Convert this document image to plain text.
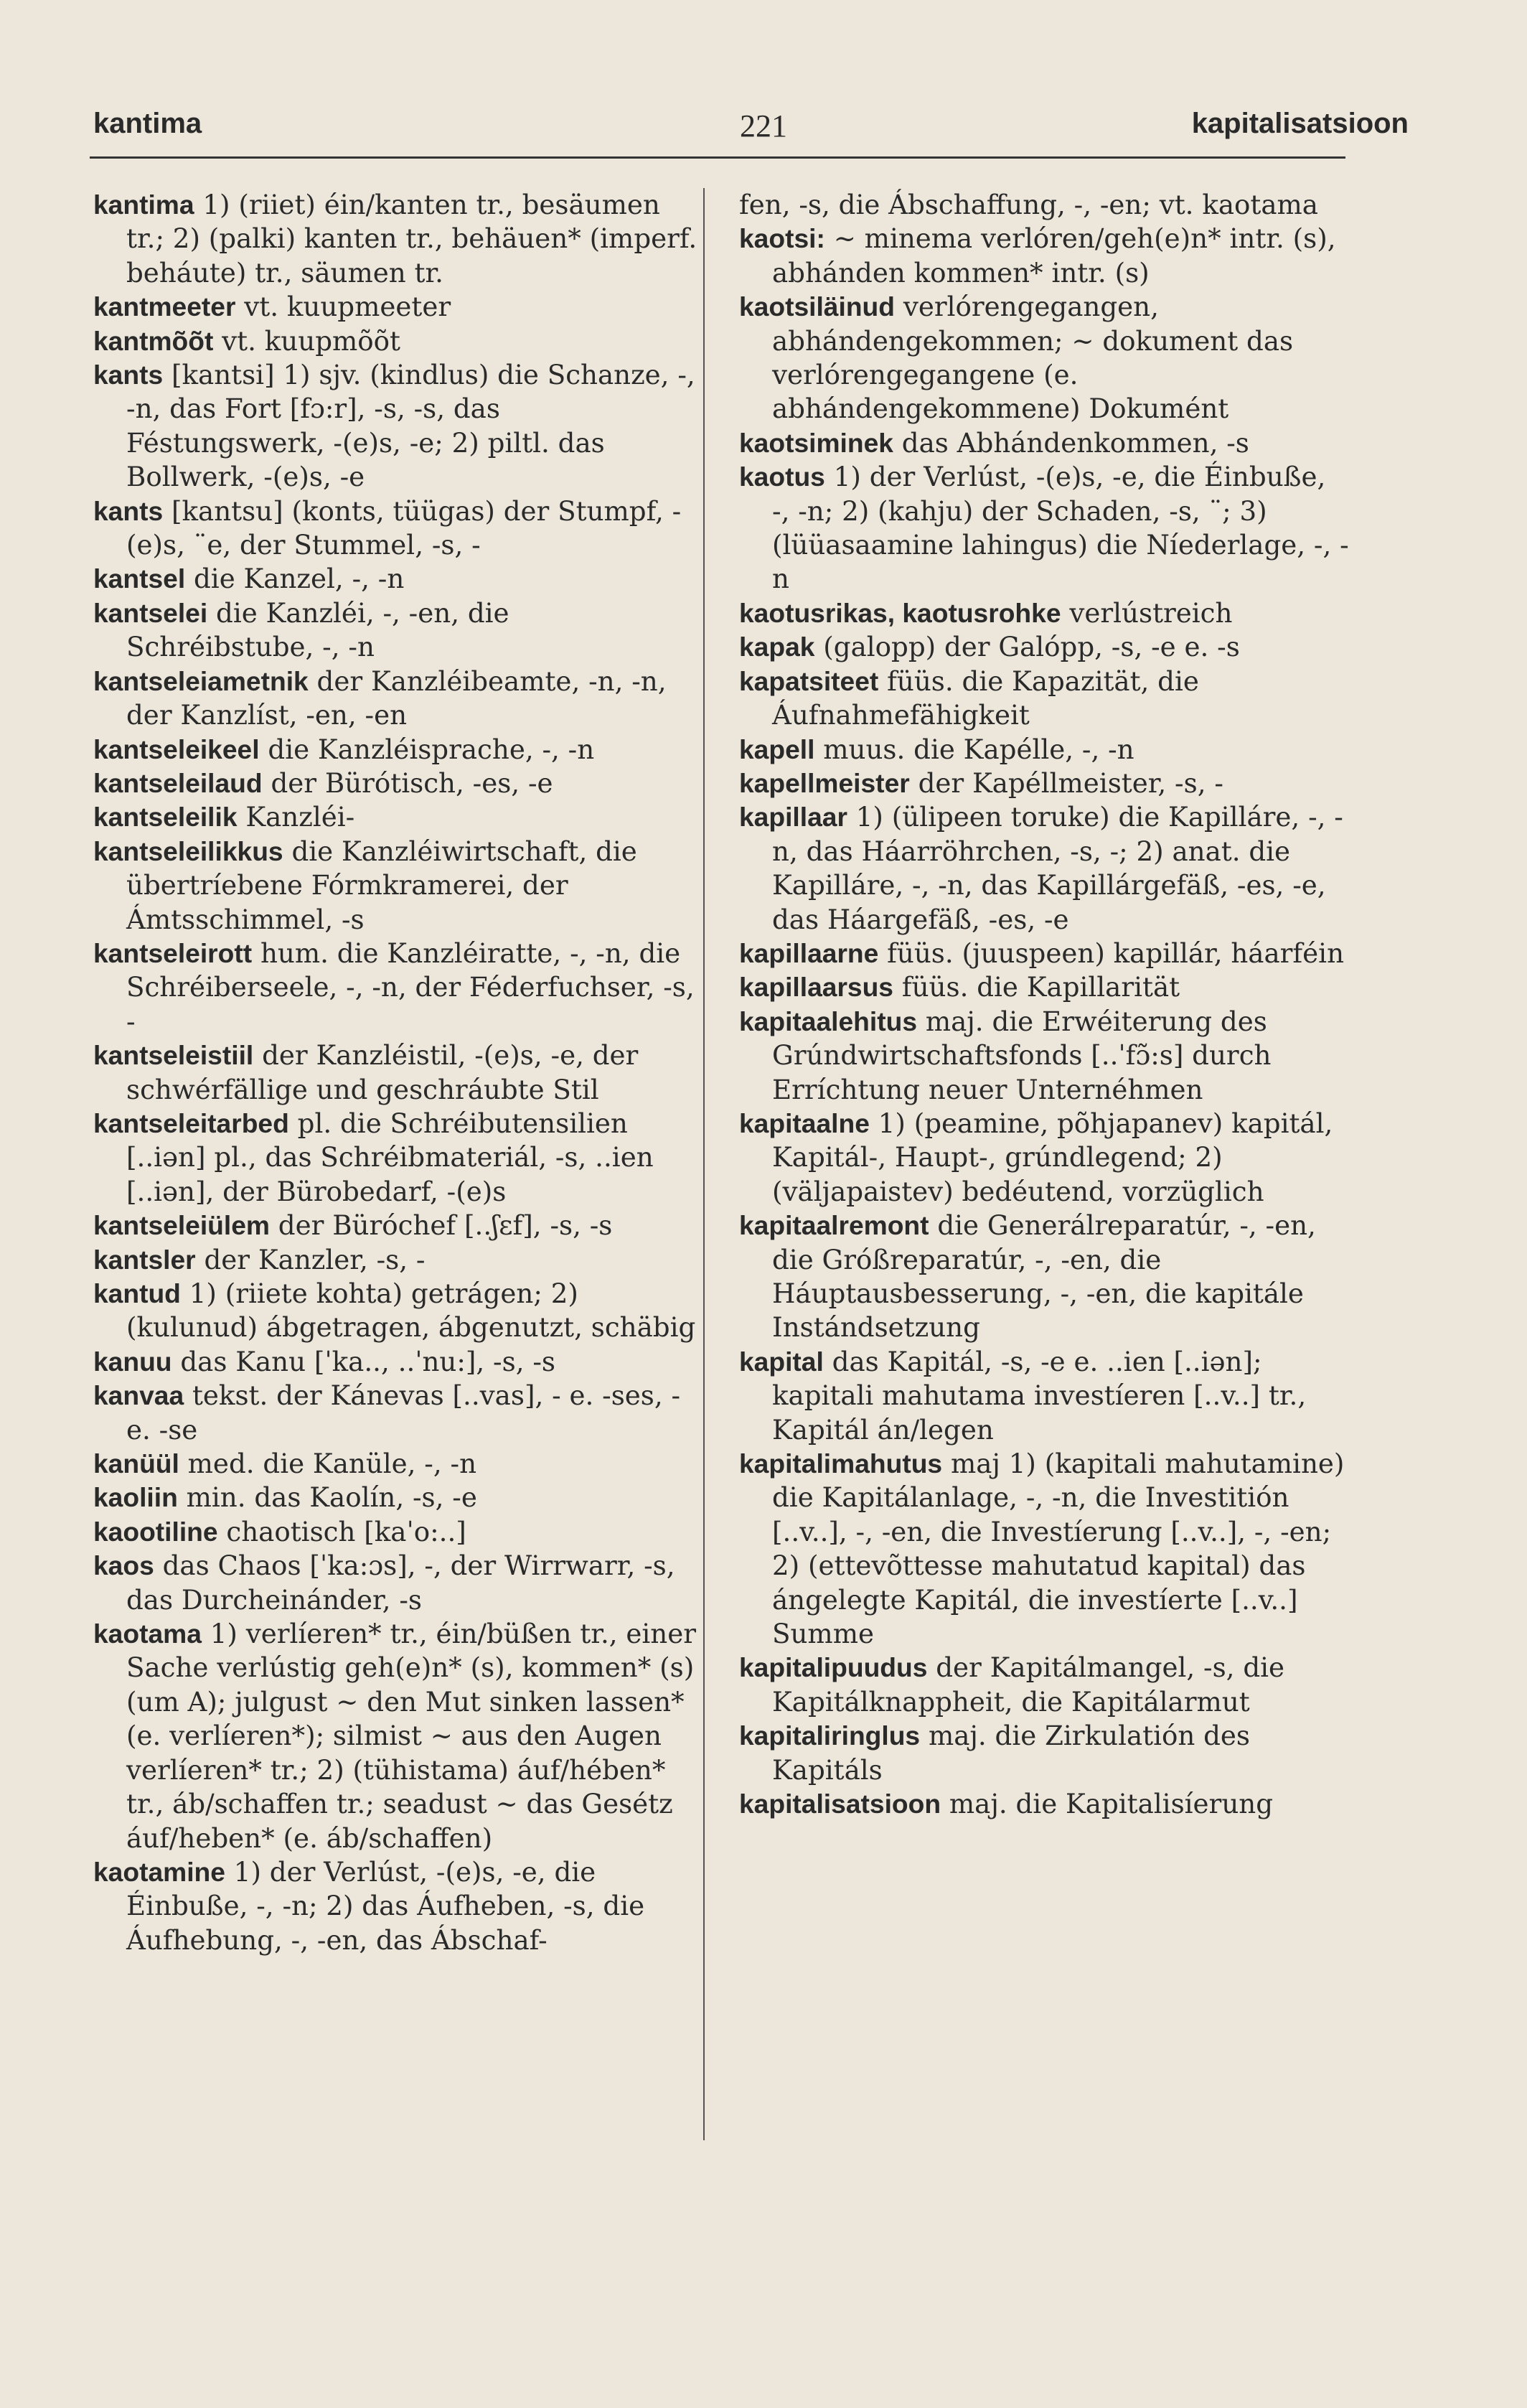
kantima	221	kapitalisatsioon

kantima 1) (riiet) éin/kanten tr., besäumen tr.; 2) (palki) kanten tr., behäuen* (imperf. beháute) tr., säumen tr.

kantmeeter vt. kuupmeeter

kantmõõt vt. kuupmõõt

kants [kantsi] 1) sjv. (kindlus) die Schanze, -, -n, das Fort [fɔ:r], -s, -s, das Féstungswerk, -(e)s, -e; 2) piltl. das Bollwerk, -(e)s, -e

kants [kantsu] (konts, tüügas) der Stumpf, -(e)s, ¨e, der Stummel, -s, -

kantsel die Kanzel, -, -n

kantselei die Kanzléi, -, -en, die Schréibstube, -, -n

kantseleiametnik der Kanzléibeamte, -n, -n, der Kanzlíst, -en, -en

kantseleikeel die Kanzléisprache, -, -n

kantseleilaud der Bürótisch, -es, -e

kantseleilik Kanzléi-

kantseleilikkus die Kanzléiwirtschaft, die übertríebene Fórmkramerei, der Ámtsschimmel, -s

kantseleirott hum. die Kanzléiratte, -, -n, die Schréiberseele, -, -n, der Féderfuchser, -s, -

kantseleistiil der Kanzléistil, -(e)s, -e, der schwérfällige und geschráubte Stil

kantseleitarbed pl. die Schréibutensilien [..iən] pl., das Schréibmateriál, -s, ..ien [..iən], der Bürobedarf, -(e)s

kantseleiülem der Büróchef [..ʃɛf], -s, -s

kantsler der Kanzler, -s, -

kantud 1) (riiete kohta) getrágen; 2) (kulunud) ábgetragen, ábgenutzt, schäbig

kanuu das Kanu [ˈka.., ..ˈnu:], -s, -s

kanvaa tekst. der Kánevas [..vas], - e. -ses, - e. -se

kanüül med. die Kanüle, -, -n

kaoliin min. das Kaolín, -s, -e

kaootiline chaotisch [kaˈo:..]

kaos das Chaos [ˈka:ɔs], -, der Wirrwarr, -s, das Durcheinánder, -s

kaotama 1) verlíeren* tr., éin/büßen tr., einer Sache verlústig geh(e)n* (s), kommen* (s) (um A); julgust ~ den Mut sinken lassen* (e. verlíeren*); silmist ~ aus den Augen verlíeren* tr.; 2) (tühistama) áuf/hében* tr., áb/schaffen tr.; seadust ~ das Gesétz áuf/heben* (e. áb/schaffen)

kaotamine 1) der Verlúst, -(e)s, -e, die Éinbuße, -, -n; 2) das Áufheben, -s, die Áufhebung, -, -en, das Ábschaf-

fen, -s, die Ábschaffung, -, -en; vt. kaotama

kaotsi: ~ minema verlóren/geh(e)n* intr. (s), abhánden kommen* intr. (s)

kaotsiläinud verlórengegangen, abhándengekommen; ~ dokument das verlórengegangene (e. abhándengekommene) Dokumént

kaotsiminek das Abhándenkommen, -s

kaotus 1) der Verlúst, -(e)s, -e, die Éinbuße, -, -n; 2) (kahju) der Schaden, -s, ¨; 3) (lüüasaamine lahingus) die Níederlage, -, -n

kaotusrikas, kaotusrohke verlústreich

kapak (galopp) der Galópp, -s, -e e. -s

kapatsiteet füüs. die Kapazität, die Áufnahmefähigkeit

kapell muus. die Kapélle, -, -n

kapellmeister der Kapéllmeister, -s, -

kapillaar 1) (ülipeen toruke) die Kapilláre, -, -n, das Háarröhrchen, -s, -; 2) anat. die Kapilláre, -, -n, das Kapillárgefäß, -es, -e, das Háargefäß, -es, -e

kapillaarne füüs. (juuspeen) kapillár, háarféin

kapillaarsus füüs. die Kapillarität

kapitaalehitus maj. die Erwéiterung des Grúndwirtschaftsfonds [..ˈfɔ̃:s] durch Erríchtung neuer Unternéhmen

kapitaalne 1) (peamine, põhjapanev) kapitál, Kapitál-, Haupt-, grúndlegend; 2) (väljapaistev) bedéutend, vorzüglich

kapitaalremont die Generálreparatúr, -, -en, die Gróßreparatúr, -, -en, die Háuptausbesserung, -, -en, die kapitále Instándsetzung

kapital das Kapitál, -s, -e e. ..ien [..iən]; kapitali mahutama investíeren [..v..] tr., Kapitál án/legen

kapitalimahutus maj 1) (kapitali mahutamine) die Kapitálanlage, -, -n, die Investitión [..v..], -, -en, die Investíerung [..v..], -, -en; 2) (ettevõttesse mahutatud kapital) das ángelegte Kapitál, die investíerte [..v..] Summe

kapitalipuudus der Kapitálmangel, -s, die Kapitálknappheit, die Kapitálarmut

kapitaliringlus maj. die Zirkulatión des Kapitáls

kapitalisatsioon maj. die Kapitalisíerung
